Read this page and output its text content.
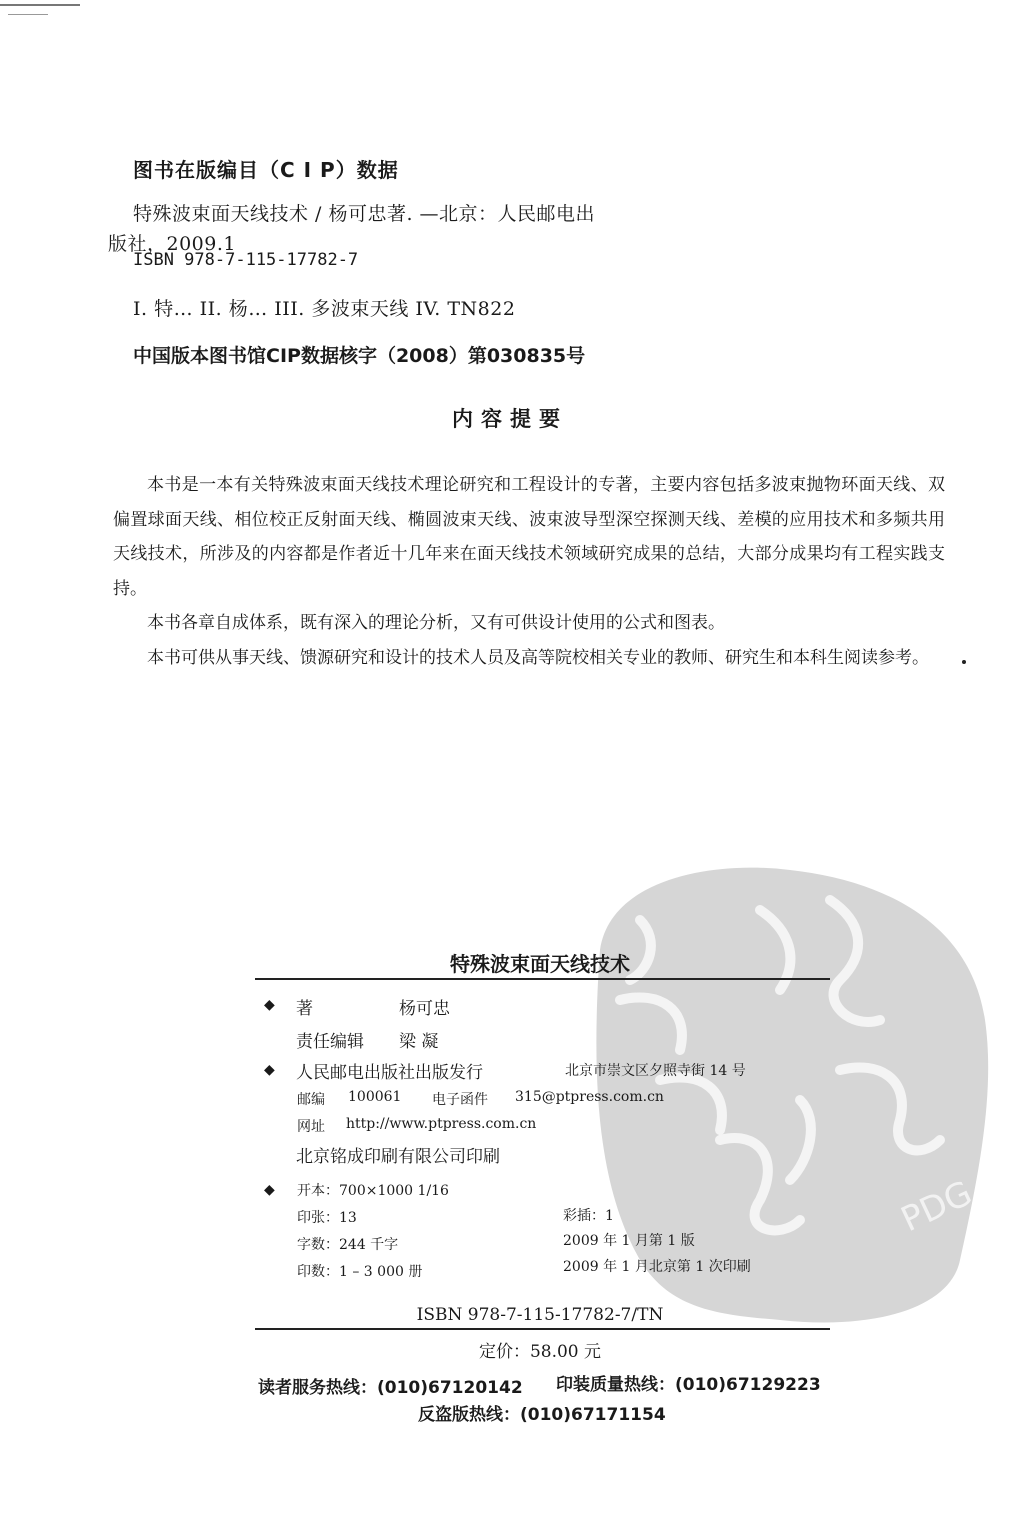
图书在版编目（C I P）数据
特殊波束面天线技术 / 杨可忠著. —北京：人民邮电出
版社，2009.1
ISBN 978-7-115-17782-7
I. 特… II. 杨… III. 多波束天线 IV. TN822
中国版本图书馆CIP数据核字（2008）第030835号
内容提要

本书是一本有关特殊波束面天线技术理论研究和工程设计的专著，主要内容包括多波束抛物环面天线、双偏置球面天线、相位校正反射面天线、椭圆波束天线、波束波导型深空探测天线、差模的应用技术和多频共用天线技术，所涉及的内容都是作者近十几年来在面天线技术领域研究成果的总结，大部分成果均有工程实践支持。

本书各章自成体系，既有深入的理论分析，又有可供设计使用的公式和图表。

本书可供从事天线、馈源研究和设计的技术人员及高等院校相关专业的教师、研究生和本科生阅读参考。

PDG
特殊波束面天线技术
◆ 著	杨可忠
责任编辑 梁 凝
◆ 人民邮电出版社出版发行	北京市崇文区夕照寺街 14 号
邮编 100061 电子函件 315@ptpress.com.cn
网址 http://www.ptpress.com.cn
北京铭成印刷有限公司印刷
◆ 开本：700×1000 1/16
印张：13	彩插：1
字数：244 千字	2009 年 1 月第 1 版
印数：1 – 3 000 册	2009 年 1 月北京第 1 次印刷
ISBN 978-7-115-17782-7/TN
定价：58.00 元
读者服务热线：(010)67120142 印装质量热线：(010)67129223
反盗版热线：(010)67171154
